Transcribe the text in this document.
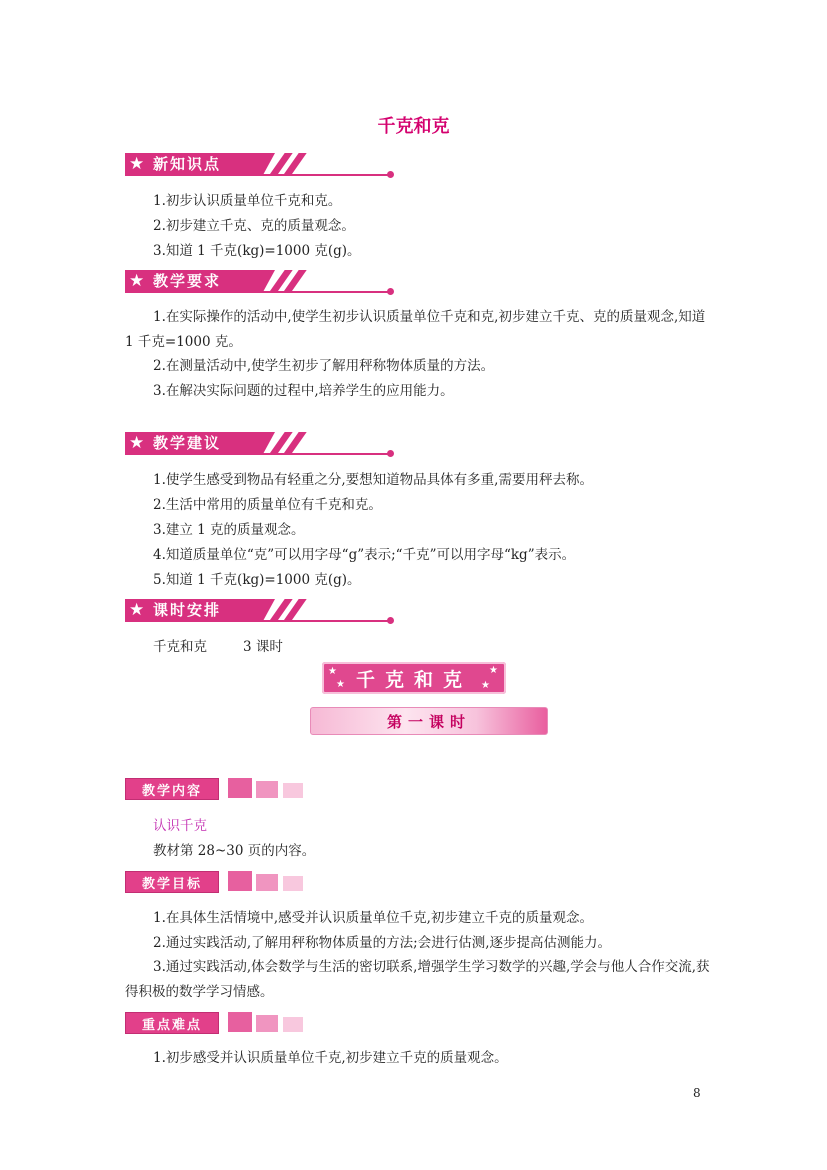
千克和克
★ 新知识点
1.初步认识质量单位千克和克。
2.初步建立千克、克的质量观念。
3.知道 1 千克(kg)=1000 克(g)。
★ 教学要求
1.在实际操作的活动中,使学生初步认识质量单位千克和克,初步建立千克、克的质量观念,知道 1 千克=1000 克。
2.在测量活动中,使学生初步了解用秤称物体质量的方法。
3.在解决实际问题的过程中,培养学生的应用能力。
★ 教学建议
1.使学生感受到物品有轻重之分,要想知道物品具体有多重,需要用秤去称。
2.生活中常用的质量单位有千克和克。
3.建立 1 克的质量观念。
4.知道质量单位“克”可以用字母“g”表示;“千克”可以用字母“kg”表示。
5.知道 1 千克(kg)=1000 克(g)。
★ 课时安排
千克和克	3 课时
★
★
★
★
千克和克
第一课时
教学内容
认识千克
教材第 28~30 页的内容。
教学目标
1.在具体生活情境中,感受并认识质量单位千克,初步建立千克的质量观念。
2.通过实践活动,了解用秤称物体质量的方法;会进行估测,逐步提高估测能力。
3.通过实践活动,体会数学与生活的密切联系,增强学生学习数学的兴趣,学会与他人合作交流,获得积极的数学学习情感。
重点难点
1.初步感受并认识质量单位千克,初步建立千克的质量观念。
8
